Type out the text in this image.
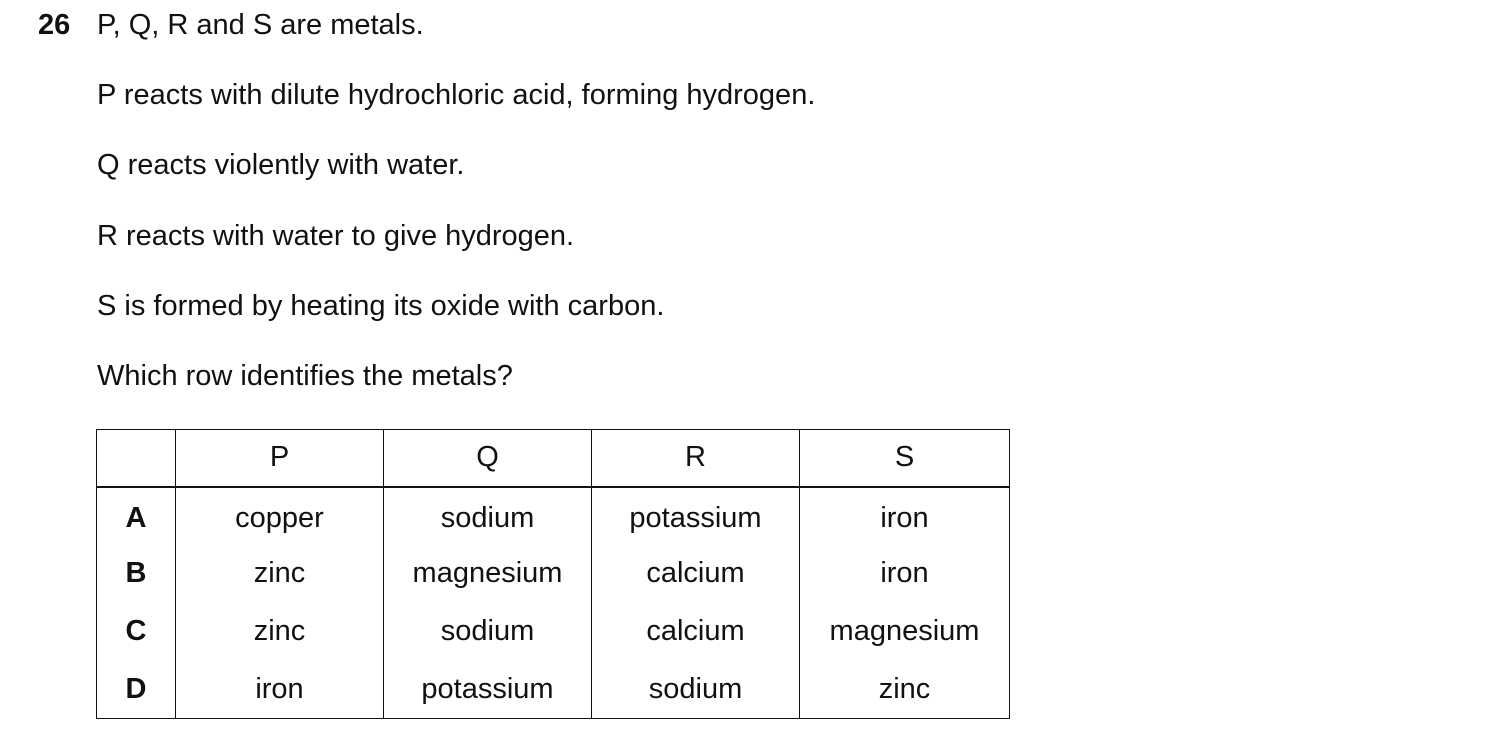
26 P, Q, R and S are metals.
P reacts with dilute hydrochloric acid, forming hydrogen.
Q reacts violently with water.
R reacts with water to give hydrogen.
S is formed by heating its oxide with carbon.
Which row identifies the metals?
	P	Q	R	S
A	copper	sodium	potassium	iron
B	zinc	magnesium	calcium	iron
C	zinc	sodium	calcium	magnesium
D	iron	potassium	sodium	zinc
